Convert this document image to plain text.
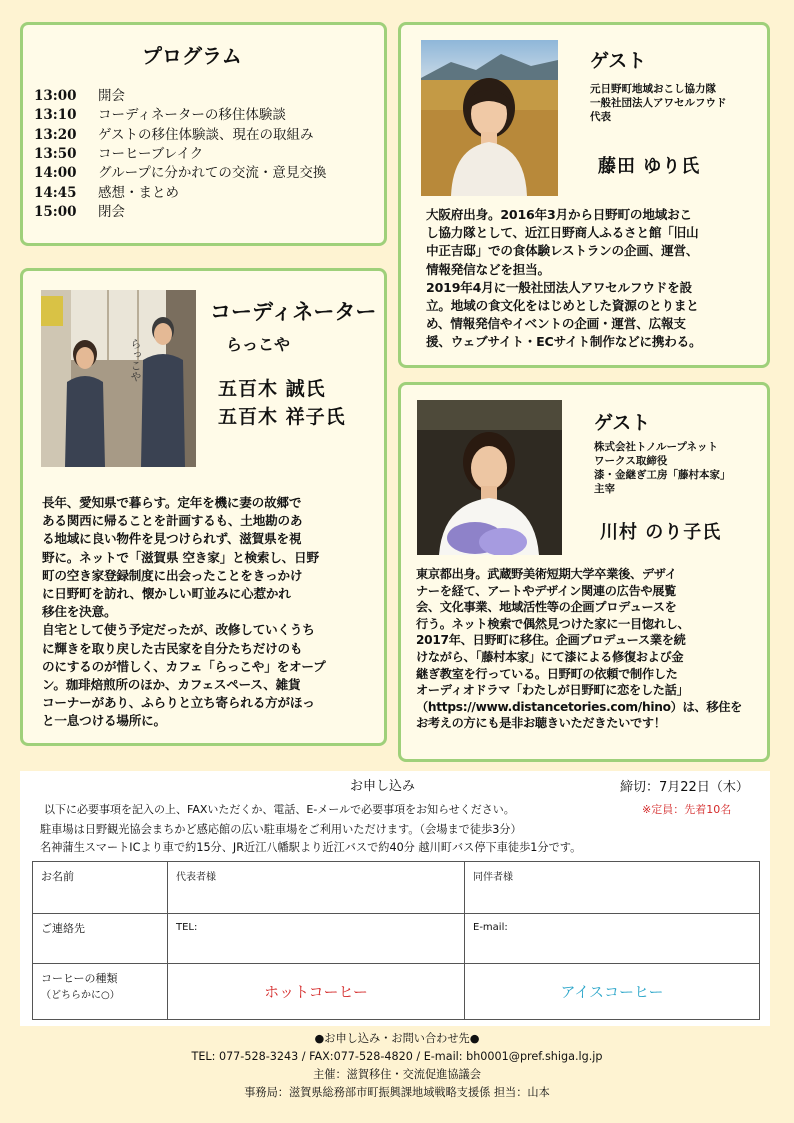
プログラム
13:00 開会
13:10 コーディネーターの移住体験談
13:20 ゲストの移住体験談、現在の取組み
13:50 コーヒーブレイク
14:00 グループに分かれての交流・意見交換
14:45 感想・まとめ
15:00 閉会
ゲスト
元日野町地域おこし協力隊
一般社団法人アワセルフウド
代表
藤田 ゆり氏
大阪府出身。2016年3月から日野町の地域おこ
し協力隊として、近江日野商人ふるさと館「旧山
中正吉邸」での食体験レストランの企画、運営、
情報発信などを担当。
2019年4月に一般社団法人アワセルフウドを設
立。地域の食文化をはじめとした資源のとりまと
め、情報発信やイベントの企画・運営、広報支
援、ウェブサイト・ECサイト制作などに携わる。
らっこや
コーディネーター
らっこや
五百木 誠氏
五百木 祥子氏
長年、愛知県で暮らす。定年を機に妻の故郷で
ある関西に帰ることを計画するも、土地勘のあ
る地域に良い物件を見つけられず、滋賀県を視
野に。ネットで「滋賀県 空き家」と検索し、日野
町の空き家登録制度に出会ったことをきっかけ
に日野町を訪れ、懐かしい町並みに心惹かれ
移住を決意。
自宅として使う予定だったが、改修していくうち
に輝きを取り戻した古民家を自分たちだけのも
のにするのが惜しく、カフェ「らっこや」をオープ
ン。珈琲焙煎所のほか、カフェスペース、雑貨
コーナーがあり、ふらりと立ち寄られる方がほっ
と一息つける場所に。
ゲスト
株式会社トノループネット
ワークス取締役
漆・金継ぎ工房「藤村本家」
主宰
川村 のり子氏
東京都出身。武蔵野美術短期大学卒業後、デザイ
ナーを経て、アートやデザイン関連の広告や展覧
会、文化事業、地域活性等の企画プロデュースを
行う。ネット検索で偶然見つけた家に一目惚れし、
2017年、日野町に移住。企画プロデュース業を続
けながら、「藤村本家」にて漆による修復および金
継ぎ教室を行っている。日野町の依頼で制作した
オーディオドラマ「わたしが日野町に恋をした話」
（https://www.distancetories.com/hino）は、移住を
お考えの方にも是非お聴きいただきたいです！
お申し込み	締切：7月22日（木）
以下に必要事項を記入の上、FAXいただくか、電話、E-メールで必要事項をお知らせください。	※定員：先着10名
駐車場は日野観光協会まちかど感応館の広い駐車場をご利用いただけます。（会場まで徒歩3分）
名神蒲生スマートICより車で約15分、JR近江八幡駅より近江バスで約40分 越川町バス停下車徒歩1分です。
お名前	代表者様	同伴者様
ご連絡先	TEL:	E-mail:

コーヒーの種類
（どちらかに○）	ホットコーヒー	アイスコーヒー
●お申し込み・お問い合わせ先●
TEL: 077-528-3243 / FAX:077-528-4820 / E-mail: bh0001@pref.shiga.lg.jp
主催：滋賀移住・交流促進協議会
事務局：滋賀県総務部市町振興課地域戦略支援係 担当：山本
